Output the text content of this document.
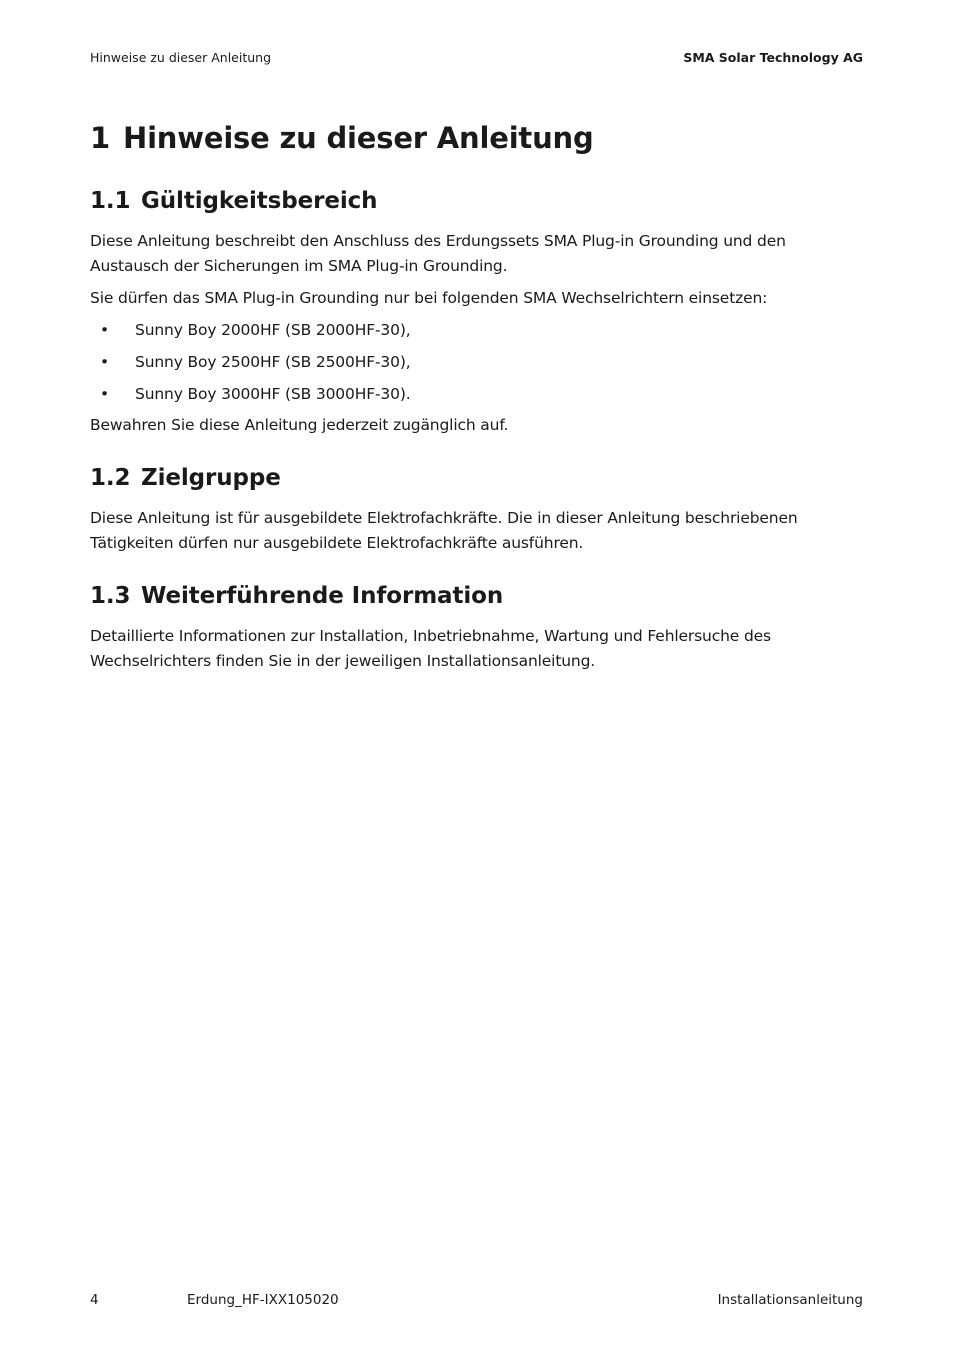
Hinweise zu dieser Anleitung	SMA Solar Technology AG
1 Hinweise zu dieser Anleitung
1.1 Gültigkeitsbereich
Diese Anleitung beschreibt den Anschluss des Erdungssets SMA Plug-in Grounding und den
Austausch der Sicherungen im SMA Plug-in Grounding.
Sie dürfen das SMA Plug-in Grounding nur bei folgenden SMA Wechselrichtern einsetzen:
• Sunny Boy 2000HF (SB 2000HF-30),
• Sunny Boy 2500HF (SB 2500HF-30),
• Sunny Boy 3000HF (SB 3000HF-30).
Bewahren Sie diese Anleitung jederzeit zugänglich auf.
1.2 Zielgruppe
Diese Anleitung ist für ausgebildete Elektrofachkräfte. Die in dieser Anleitung beschriebenen
Tätigkeiten dürfen nur ausgebildete Elektrofachkräfte ausführen.
1.3 Weiterführende Information
Detaillierte Informationen zur Installation, Inbetriebnahme, Wartung und Fehlersuche des
Wechselrichters finden Sie in der jeweiligen Installationsanleitung.
4	Erdung_HF-IXX105020	Installationsanleitung
